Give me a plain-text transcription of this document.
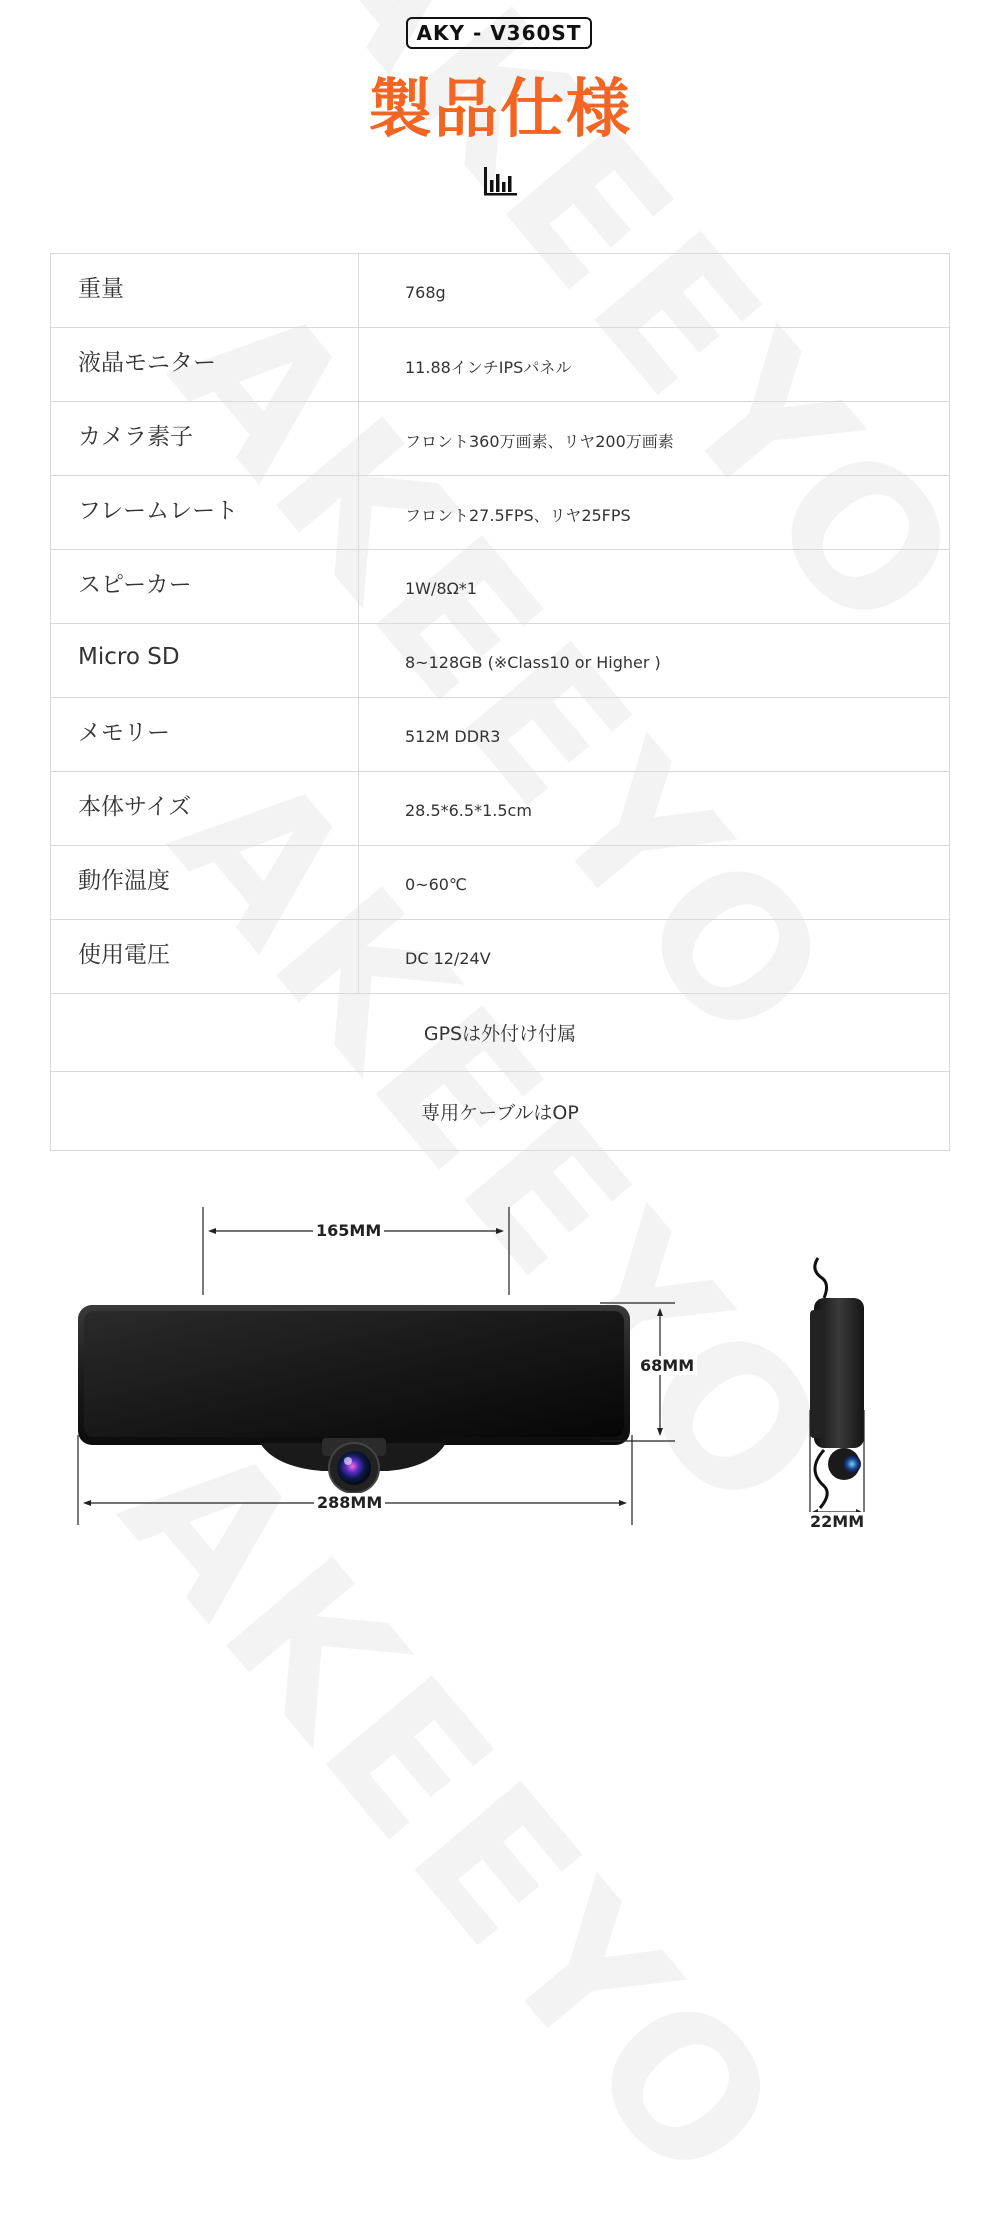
AKY - V360ST
製品仕様
重量	768g
液晶モニター	11.88インチIPSパネル
カメラ素子	フロント360万画素、リヤ200万画素
フレームレート	フロント27.5FPS、リヤ25FPS
スピーカー	1W/8Ω*1
Micro SD	8~128GB (※Class10 or Higher )
メモリー	512M DDR3
本体サイズ	28.5*6.5*1.5cm
動作温度	0~60℃
使用電圧	DC 12/24V
GPSは外付け付属
専用ケーブルはOP
165MM
68MM
288MM
22MM
